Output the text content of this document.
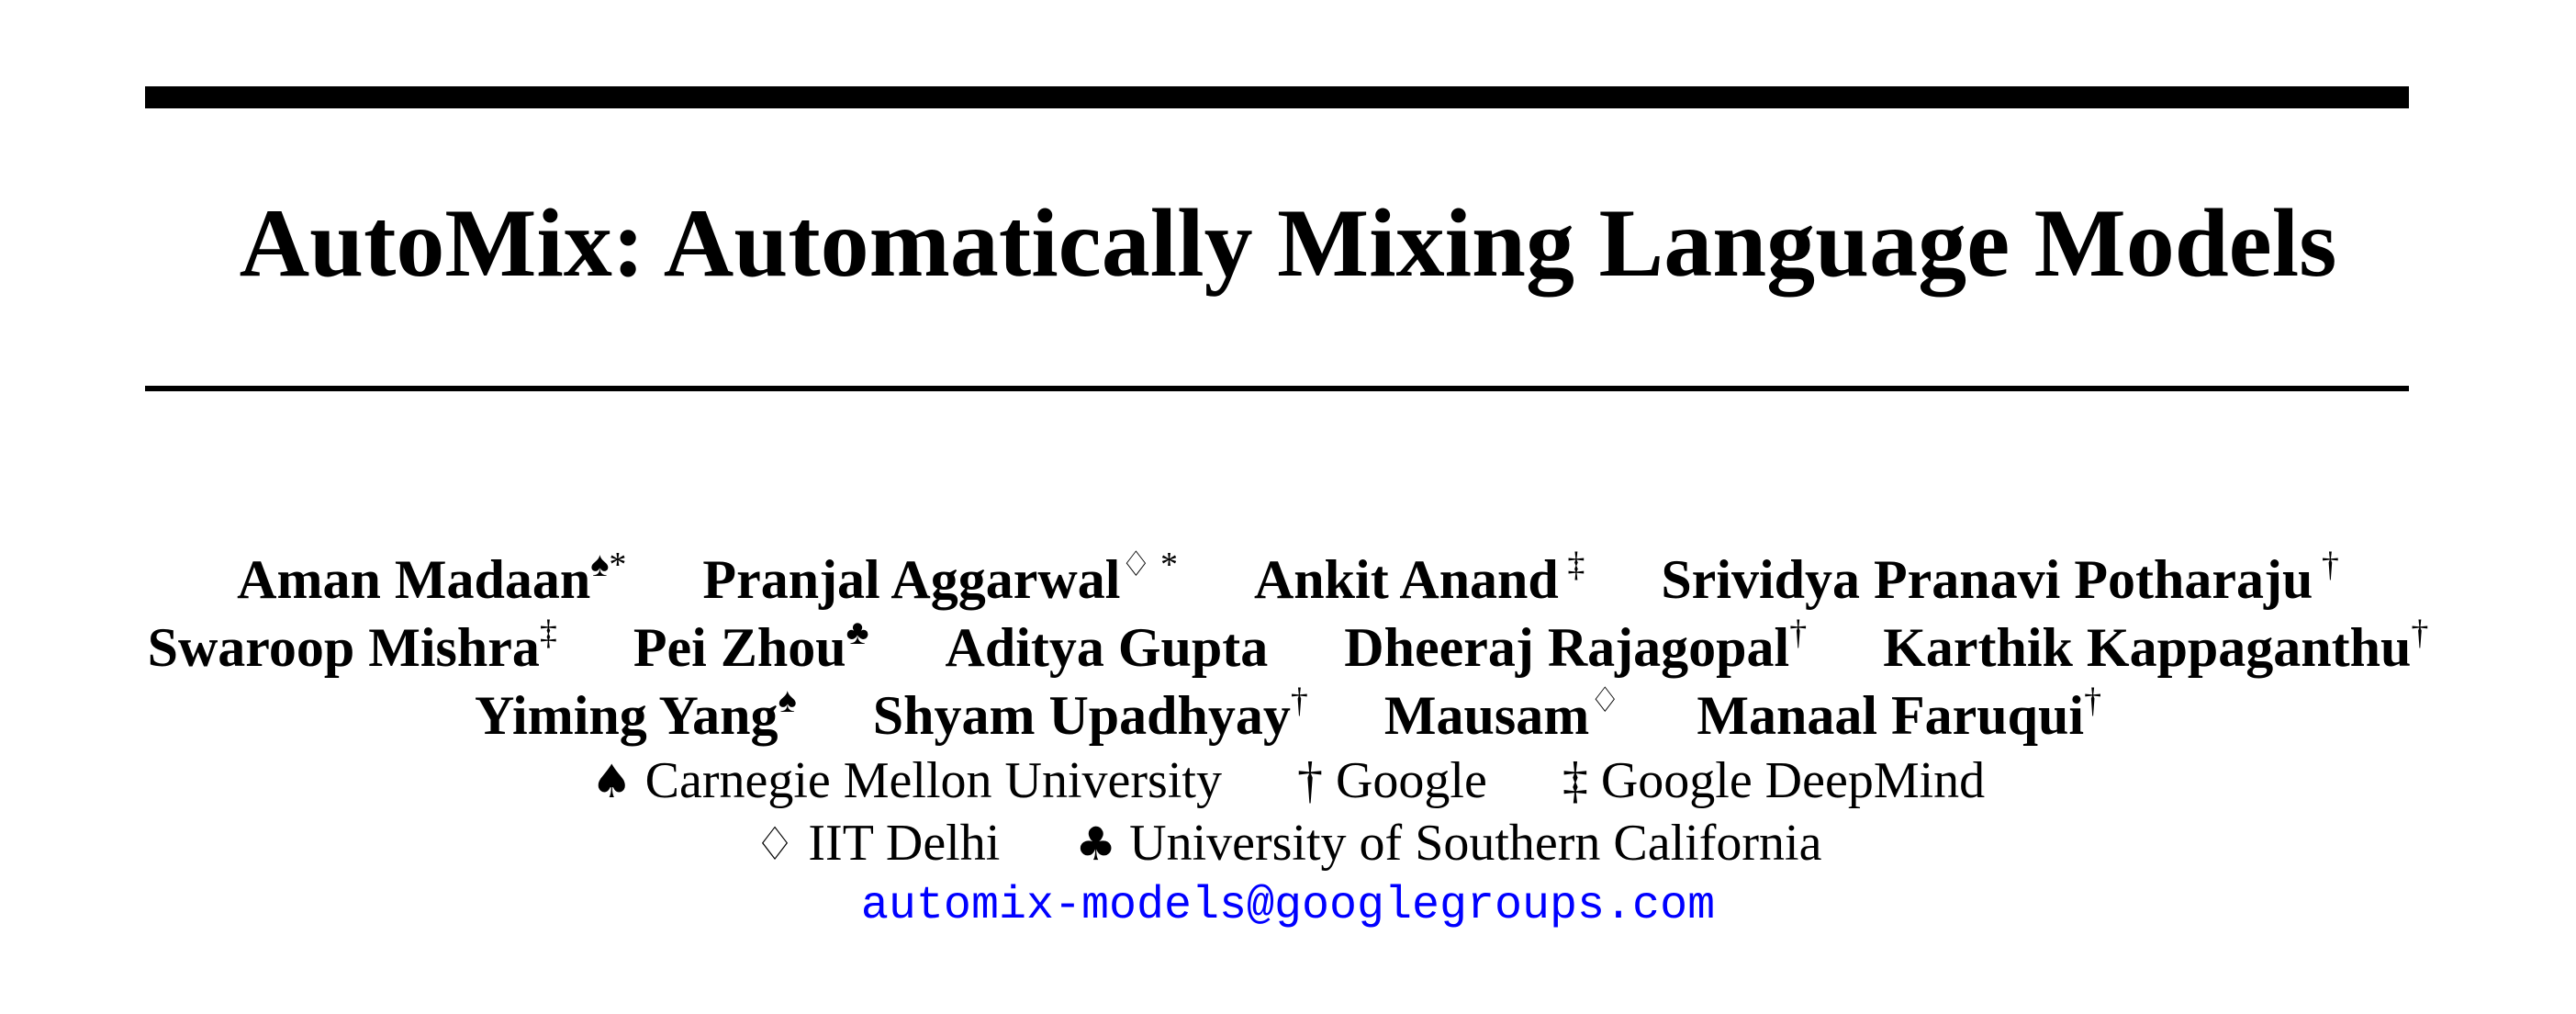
AutoMix: Automatically Mixing Language Models
Aman Madaan♠* Pranjal Aggarwal♢ * Ankit Anand ‡ Srividya Pranavi Potharaju †
Swaroop Mishra‡ Pei Zhou♣ Aditya Gupta Dheeraj Rajagopal† Karthik Kappaganthu†
Yiming Yang♠ Shyam Upadhyay† Mausam♢ Manaal Faruqui†
♠ Carnegie Mellon University † Google ‡ Google DeepMind
♢ IIT Delhi ♣ University of Southern California
automix-models@googlegroups.com
